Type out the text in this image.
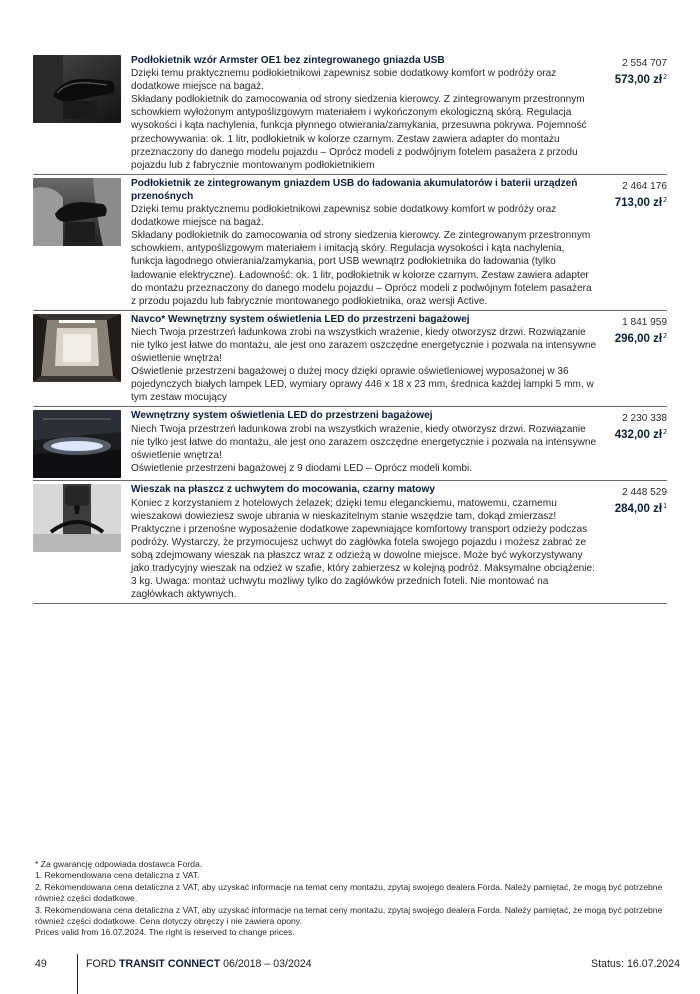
Podłokietnik wzór Armster OE1 bez zintegrowanego gniazda USB

Dzięki temu praktycznemu podłokietnikowi zapewnisz sobie dodatkowy komfort w podróży oraz dodatkowe miejsce na bagaż.

Składany podłokietnik do zamocowania od strony siedzenia kierowcy. Z zintegrowanym przestronnym schowkiem wyłożonym antypoślizgowym materiałem i wykończonym ekologiczną skórą. Regulacja wysokości i kąta nachylenia, funkcja płynnego otwierania/zamykania, przesuwna pokrywa. Pojemność przechowywania: ok. 1 litr, podłokietnik w kolorze czarnym. Zestaw zawiera adapter do montażu przeznaczony do danego modelu pojazdu – Oprócz modeli z podwójnym fotelem pasażera z przodu pojazdu lub z fabrycznie montowanym podłokietnikiem

2 554 707
573,00 $zł^2$

Podłokietnik ze zintegrowanym gniazdem USB do ładowania akumulatorów i baterii urządzeń przenośnych

Dzięki temu praktycznemu podłokietnikowi zapewnisz sobie dodatkowy komfort w podróży oraz dodatkowe miejsce na bagaż.

Składany podłokietnik do zamocowania od strony siedzenia kierowcy. Ze zintegrowanym przestronnym schowkiem, antypoślizgowym materiałem i imitacją skóry. Regulacja wysokości i kąta nachylenia, funkcja łagodnego otwierania/zamykania, port USB wewnątrz podłokietnika do ładowania (tylko ładowanie elektryczne). Ładowność: ok. 1 litr, podłokietnik w kolorze czarnym. Zestaw zawiera adapter do montażu przeznaczony do danego modelu pojazdu – Oprócz modeli z podwójnym fotelem pasażera z przodu pojazdu lub fabrycznie montowanego podłokietnika, oraz wersji Active.

2 464 176
713,00 $zł^2$

Navco* Wewnętrzny system oświetlenia LED do przestrzeni bagażowej

Niech Twoja przestrzeń ładunkowa zrobi na wszystkich wrażenie, kiedy otworzysz drzwi. Rozwiązanie nie tylko jest łatwe do montażu, ale jest ono zarazem oszczędne energetycznie i pozwala na intensywne oświetlenie wnętrza!

Oświetlenie przestrzeni bagażowej o dużej mocy dzięki oprawie oświetleniowej wyposażonej w 36 pojedynczych białych lampek LED, wymiary oprawy 446 x 18 x 23 mm, średnica każdej lampki 5 mm, w tym zestaw mocujący

1 841 959
296,00 $zł^2$

Wewnętrzny system oświetlenia LED do przestrzeni bagażowej

Niech Twoja przestrzeń ładunkowa zrobi na wszystkich wrażenie, kiedy otworzysz drzwi. Rozwiązanie nie tylko jest łatwe do montażu, ale jest ono zarazem oszczędne energetycznie i pozwala na intensywne oświetlenie wnętrza!

Oświetlenie przestrzeni bagażowej z 9 diodami LED – Oprócz modeli kombi.

2 230 338
432,00 $zł^2$

Wieszak na płaszcz z uchwytem do mocowania, czarny matowy

Koniec z korzystaniem z hotelowych żelazek; dzięki temu eleganckiemu, matowemu, czarnemu wieszakowi dowieziesz swoje ubrania w nieskazitelnym stanie wszędzie tam, dokąd zmierzasz!

Praktyczne i przenośne wyposażenie dodatkowe zapewniające komfortowy transport odzieży podczas podróży. Wystarczy, że przymocujesz uchwyt do zagłówka fotela swojego pojazdu i możesz zabrać ze sobą zdejmowany wieszak na płaszcz wraz z odzieżą w dowolne miejsce. Może być wykorzystywany jako tradycyjny wieszak na odzież w szafie, który zabierzesz w kolejną podróż. Maksymalne obciążenie: 3 kg. Uwaga: montaż uchwytu możliwy tylko do zagłówków przednich foteli. Nie montować na zagłówkach aktywnych.

2 448 529
284,00 $zł^1$

* Za gwarancję odpowiada dostawca Forda.

1. Rekomendowana cena detaliczna z VAT.

2. Rekomendowana cena detaliczna z VAT, aby uzyskać informacje na temat ceny montażu, zpytaj swojego dealera Forda. Należy pamiętać, że mogą być potrzebne również części dodatkowe.

3. Rekomendowana cena detaliczna z VAT, aby uzyskać informacje na temat ceny montażu, zpytaj swojego dealera Forda. Należy pamiętać, że mogą być potrzebne również części dodatkowe. Cena dotyczy obręczy i nie zawiera opony.

Prices valid from 16.07.2024. The right is reserved to change prices.

49	FORD TRANSIT CONNECT 06/2018 – 03/2024	Status: 16.07.2024
